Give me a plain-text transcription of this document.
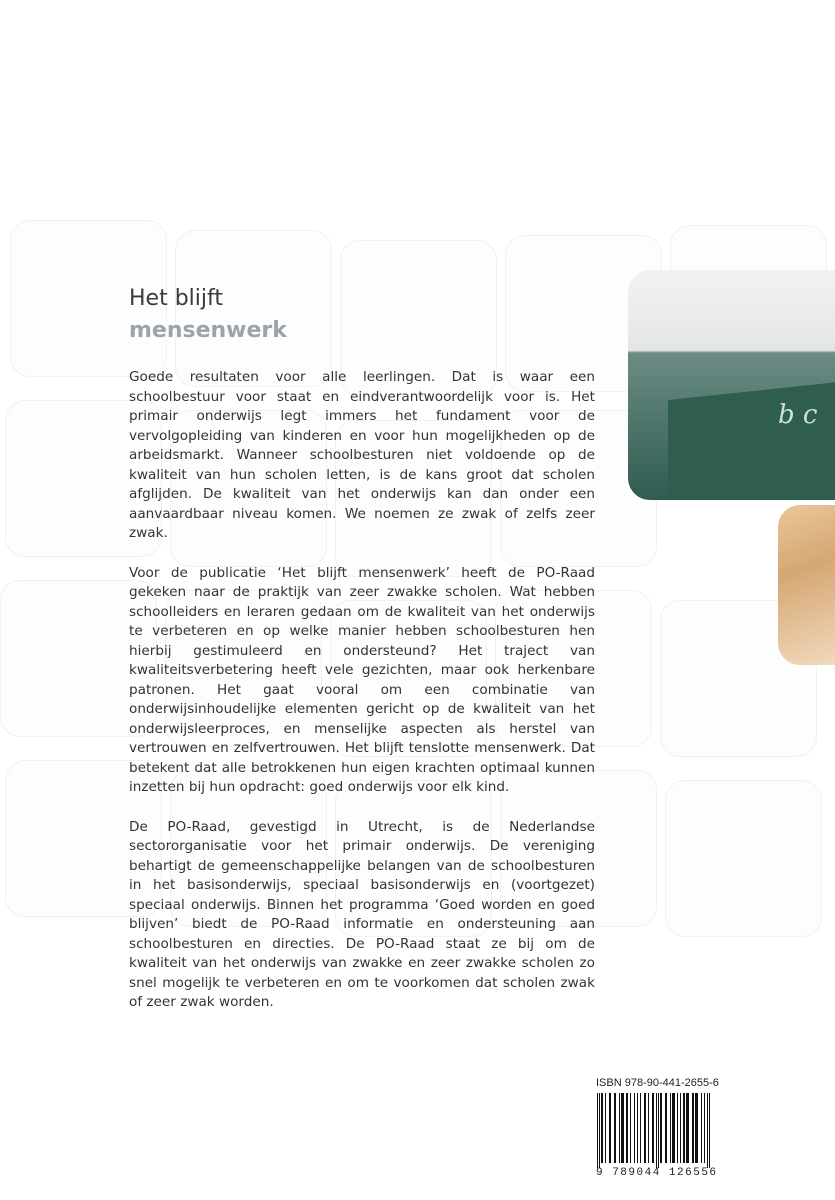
Het blijft
mensenwerk
b c

Goede resultaten voor alle leerlingen. Dat is waar een schoolbestuur voor staat en eindverantwoordelijk voor is. Het primair onderwijs legt immers het fundament voor de vervolgopleiding van kinderen en voor hun mogelijkheden op de arbeidsmarkt. Wanneer schoolbesturen niet voldoende op de kwaliteit van hun scholen letten, is de kans groot dat scholen afglijden. De kwaliteit van het onderwijs kan dan onder een aanvaardbaar niveau komen. We noemen ze zwak of zelfs zeer zwak.

Voor de publicatie ‘Het blijft mensenwerk’ heeft de PO-Raad gekeken naar de praktijk van zeer zwakke scholen. Wat hebben schoolleiders en leraren gedaan om de kwaliteit van het onderwijs te verbeteren en op welke manier hebben schoolbesturen hen hierbij gestimuleerd en ondersteund? Het traject van kwaliteitsverbetering heeft vele gezichten, maar ook herkenbare patronen. Het gaat vooral om een combinatie van onderwijsinhoudelijke elementen gericht op de kwaliteit van het onderwijsleerproces, en menselijke aspecten als herstel van vertrouwen en zelfvertrouwen. Het blijft tenslotte mensenwerk. Dat betekent dat alle betrokkenen hun eigen krachten optimaal kunnen inzetten bij hun opdracht: goed onderwijs voor elk kind.

De PO-Raad, gevestigd in Utrecht, is de Nederlandse sectororganisatie voor het primair onderwijs. De vereniging behartigt de gemeenschappelijke belangen van de schoolbesturen in het basisonderwijs, speciaal basisonderwijs en (voortgezet) speciaal onderwijs. Binnen het programma ‘Goed worden en goed blijven’ biedt de PO-Raad informatie en ondersteuning aan schoolbesturen en directies. De PO-Raad staat ze bij om de kwaliteit van het onderwijs van zwakke en zeer zwakke scholen zo snel mogelijk te verbeteren en om te voorkomen dat scholen zwak of zeer zwak worden.

ISBN 978-90-441-2655-6
9 789044 126556
